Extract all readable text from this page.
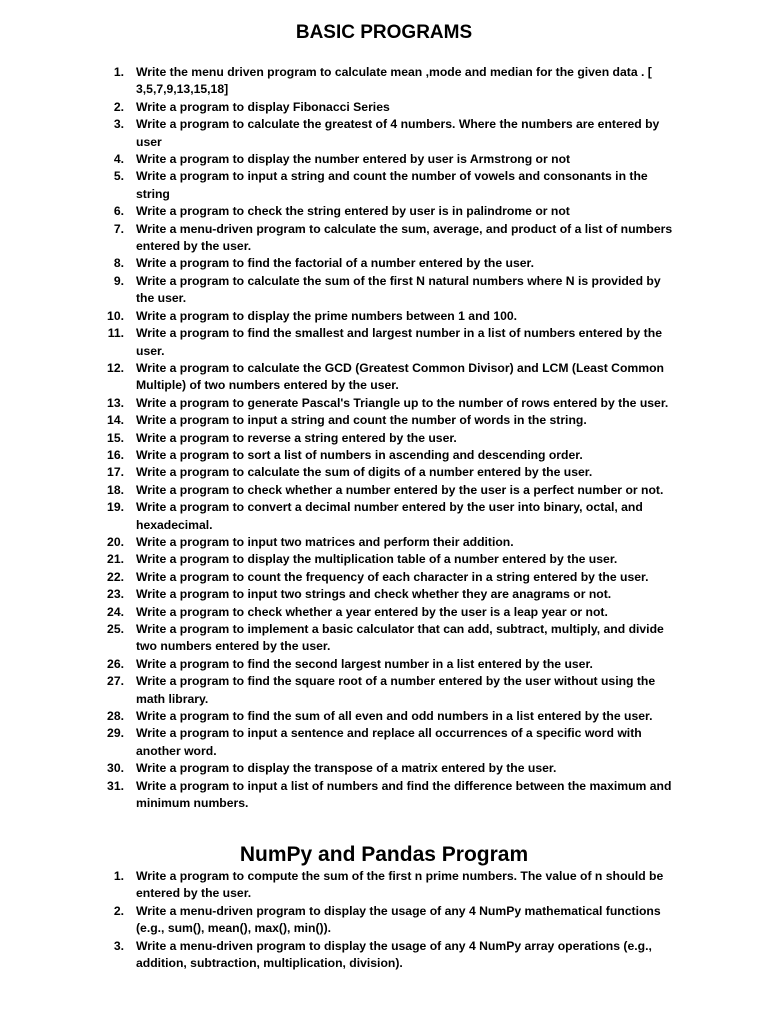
BASIC PROGRAMS
1. Write the menu driven program to calculate mean ,mode and median for the given data . [ 3,5,7,9,13,15,18]
2. Write a program to display Fibonacci Series
3. Write a program to calculate the greatest of 4 numbers. Where the numbers are entered by user
4. Write a program to display the number entered by user is Armstrong or not
5. Write a program to input a string and count the number of vowels and consonants in the string
6. Write a program to check the string entered by user is in palindrome or not
7. Write a menu-driven program to calculate the sum, average, and product of a list of numbers entered by the user.
8. Write a program to find the factorial of a number entered by the user.
9. Write a program to calculate the sum of the first N natural numbers where N is provided by the user.
10. Write a program to display the prime numbers between 1 and 100.
11. Write a program to find the smallest and largest number in a list of numbers entered by the user.
12. Write a program to calculate the GCD (Greatest Common Divisor) and LCM (Least Common Multiple) of two numbers entered by the user.
13. Write a program to generate Pascal's Triangle up to the number of rows entered by the user.
14. Write a program to input a string and count the number of words in the string.
15. Write a program to reverse a string entered by the user.
16. Write a program to sort a list of numbers in ascending and descending order.
17. Write a program to calculate the sum of digits of a number entered by the user.
18. Write a program to check whether a number entered by the user is a perfect number or not.
19. Write a program to convert a decimal number entered by the user into binary, octal, and hexadecimal.
20. Write a program to input two matrices and perform their addition.
21. Write a program to display the multiplication table of a number entered by the user.
22. Write a program to count the frequency of each character in a string entered by the user.
23. Write a program to input two strings and check whether they are anagrams or not.
24. Write a program to check whether a year entered by the user is a leap year or not.
25. Write a program to implement a basic calculator that can add, subtract, multiply, and divide two numbers entered by the user.
26. Write a program to find the second largest number in a list entered by the user.
27. Write a program to find the square root of a number entered by the user without using the math library.
28. Write a program to find the sum of all even and odd numbers in a list entered by the user.
29. Write a program to input a sentence and replace all occurrences of a specific word with another word.
30. Write a program to display the transpose of a matrix entered by the user.
31. Write a program to input a list of numbers and find the difference between the maximum and minimum numbers.
NumPy and Pandas Program
1. Write a program to compute the sum of the first n prime numbers. The value of n should be entered by the user.
2. Write a menu-driven program to display the usage of any 4 NumPy mathematical functions (e.g., sum(), mean(), max(), min()).
3. Write a menu-driven program to display the usage of any 4 NumPy array operations (e.g., addition, subtraction, multiplication, division).
